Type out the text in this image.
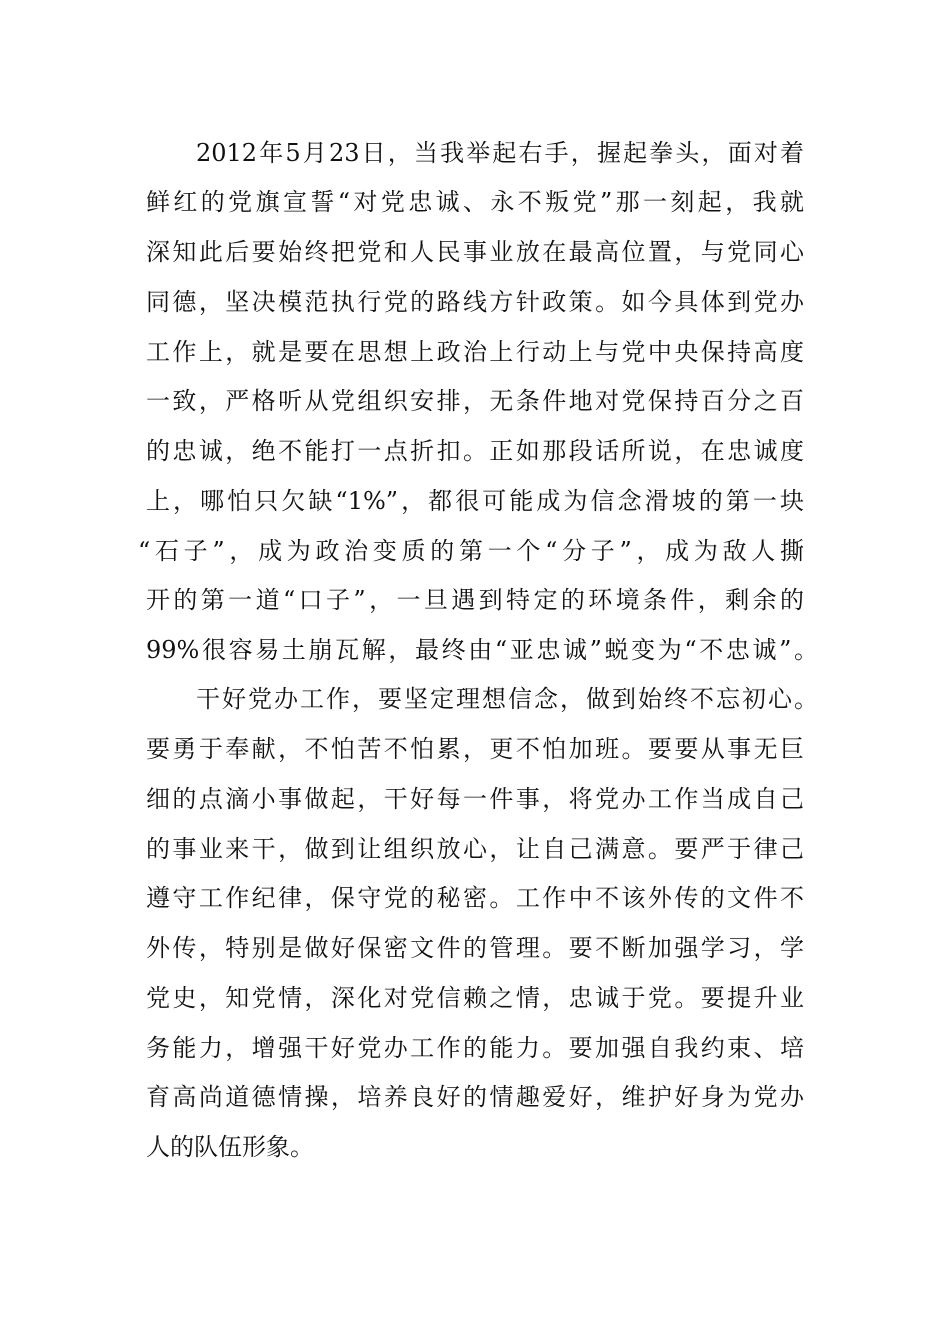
2012年5月23日，当我举起右手，握起拳头，面对着
鲜红的党旗宣誓“对党忠诚、永不叛党”那一刻起，我就
深知此后要始终把党和人民事业放在最高位置，与党同心
同德，坚决模范执行党的路线方针政策。如今具体到党办
工作上，就是要在思想上政治上行动上与党中央保持高度
一致，严格听从党组织安排，无条件地对党保持百分之百
的忠诚，绝不能打一点折扣。正如那段话所说，在忠诚度
上，哪怕只欠缺“1%”，都很可能成为信念滑坡的第一块
“石子”，成为政治变质的第一个“分子”，成为敌人撕
开的第一道“口子”，一旦遇到特定的环境条件，剩余的
99%很容易土崩瓦解，最终由“亚忠诚”蜕变为“不忠诚”。
干好党办工作，要坚定理想信念，做到始终不忘初心。
要勇于奉献，不怕苦不怕累，更不怕加班。要要从事无巨
细的点滴小事做起，干好每一件事，将党办工作当成自己
的事业来干，做到让组织放心，让自己满意。要严于律己
遵守工作纪律，保守党的秘密。工作中不该外传的文件不
外传，特别是做好保密文件的管理。要不断加强学习，学
党史，知党情，深化对党信赖之情，忠诚于党。要提升业
务能力，增强干好党办工作的能力。要加强自我约束、培
育高尚道德情操，培养良好的情趣爱好，维护好身为党办
人的队伍形象。
